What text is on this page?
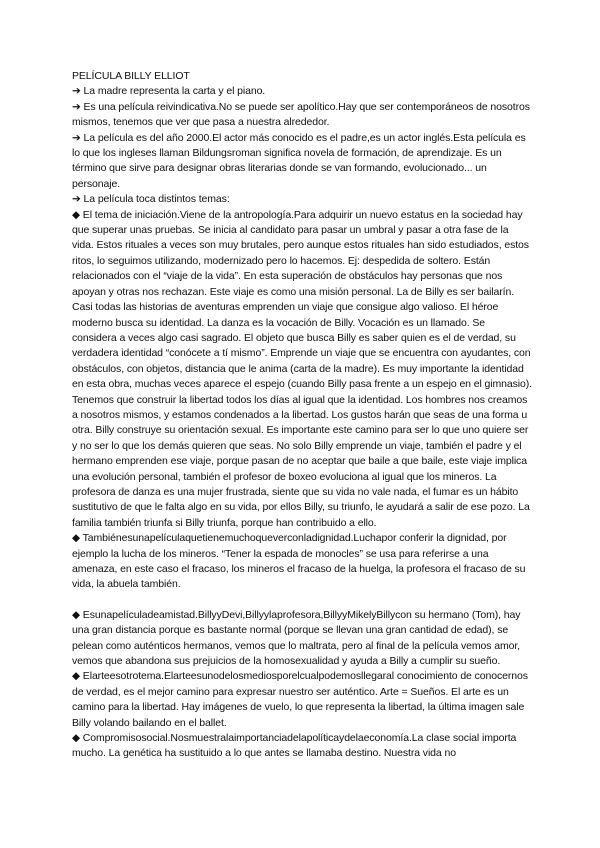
PELÍCULA BILLY ELLIOT

➔ La madre representa la carta y el piano.

➔ Es una película reivindicativa.No se puede ser apolítico.Hay que ser contemporáneos de nosotros mismos, tenemos que ver que pasa a nuestra alrededor.

➔ La película es del año 2000.El actor más conocido es el padre,es un actor inglés.Esta película es lo que los ingleses llaman Bildungsroman significa novela de formación, de aprendizaje. Es un término que sirve para designar obras literarias donde se van formando, evolucionado... un personaje.

➔ La película toca distintos temas:

◆ El tema de iniciación.Viene de la antropología.Para adquirir un nuevo estatus en la sociedad hay que superar unas pruebas. Se inicia al candidato para pasar un umbral y pasar a otra fase de la vida. Estos rituales a veces son muy brutales, pero aunque estos rituales han sido estudiados, estos ritos, lo seguimos utilizando, modernizado pero lo hacemos. Ej: despedida de soltero. Están relacionados con el “viaje de la vida”. En esta superación de obstáculos hay personas que nos apoyan y otras nos rechazan. Este viaje es como una misión personal. La de Billy es ser bailarín. Casi todas las historias de aventuras emprenden un viaje que consigue algo valioso. El héroe moderno busca su identidad. La danza es la vocación de Billy. Vocación es un llamado. Se considera a veces algo casi sagrado. El objeto que busca Billy es saber quien es el de verdad, su verdadera identidad “conócete a tí mismo”. Emprende un viaje que se encuentra con ayudantes, con obstáculos, con objetos, distancia que le anima (carta de la madre). Es muy importante la identidad en esta obra, muchas veces aparece el espejo (cuando Billy pasa frente a un espejo en el gimnasio). Tenemos que construir la libertad todos los días al igual que la identidad. Los hombres nos creamos a nosotros mismos, y estamos condenados a la libertad. Los gustos harán que seas de una forma u otra. Billy construye su orientación sexual. Es importante este camino para ser lo que uno quiere ser y no ser lo que los demás quieren que seas. No solo Billy emprende un viaje, también el padre y el hermano emprenden ese viaje, porque pasan de no aceptar que baile a que baile, este viaje implica una evolución personal, también el profesor de boxeo evoluciona al igual que los mineros. La profesora de danza es una mujer frustrada, siente que su vida no vale nada, el fumar es un hábito sustitutivo de que le falta algo en su vida, por ellos Billy, su triunfo, le ayudará a salir de ese pozo. La familia también triunfa si Billy triunfa, porque han contribuido a ello.

◆ Tambiénesunapelículaquetienemuchoqueverconladignidad.Luchapor conferir la dignidad, por ejemplo la lucha de los mineros. “Tener la espada de monocles” se usa para referirse a una amenaza, en este caso el fracaso, los mineros el fracaso de la huelga, la profesora el fracaso de su vida, la abuela también.

◆ Esunapelículadeamistad.BillyyDevi,Billyylaprofesora,BillyyMikelyBillycon su hermano (Tom), hay una gran distancia porque es bastante normal (porque se llevan una gran cantidad de edad), se pelean como auténticos hermanos, vemos que lo maltrata, pero al final de la película vemos amor, vemos que abandona sus prejuicios de la homosexualidad y ayuda a Billy a cumplir su sueño.

◆ Elarteesotrotema.Elarteesunodelosmediosporelcualpodemosllegaral conocimiento de conocernos de verdad, es el mejor camino para expresar nuestro ser auténtico. Arte = Sueños. El arte es un camino para la libertad. Hay imágenes de vuelo, lo que representa la libertad, la última imagen sale Billy volando bailando en el ballet.

◆ Compromisosocial.Nosmuestralaimportanciadelapolíticaydelaeconomía.La clase social importa mucho. La genética ha sustituido a lo que antes se llamaba destino. Nuestra vida no
